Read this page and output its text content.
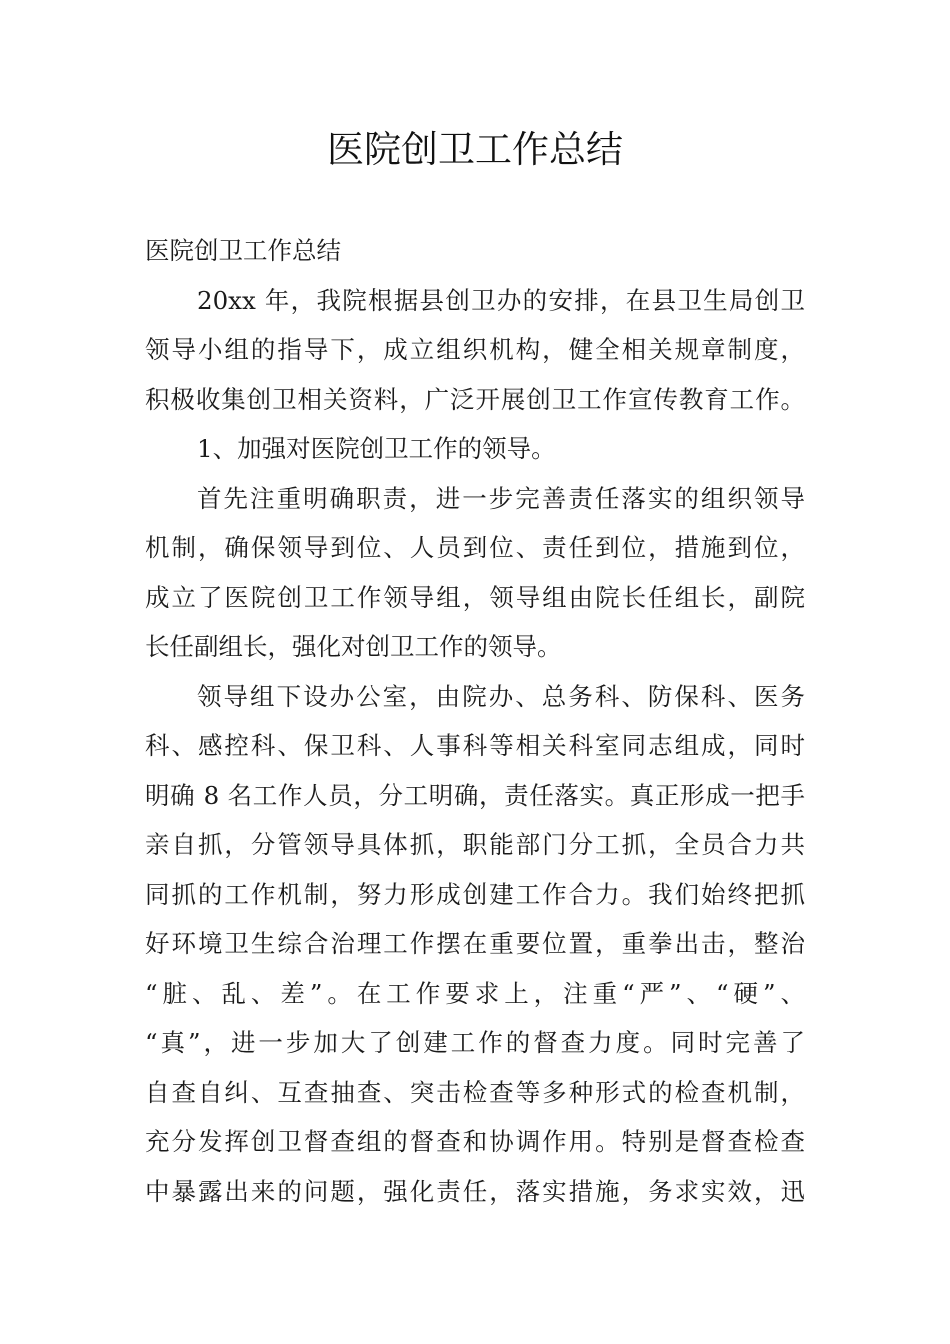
医院创卫工作总结
医院创卫工作总结
20xx 年，我院根据县创卫办的安排，在县卫生局创卫
领导小组的指导下，成立组织机构，健全相关规章制度，
积极收集创卫相关资料，广泛开展创卫工作宣传教育工作。
1、加强对医院创卫工作的领导。
首先注重明确职责，进一步完善责任落实的组织领导
机制，确保领导到位、人员到位、责任到位，措施到位，
成立了医院创卫工作领导组，领导组由院长任组长，副院
长任副组长，强化对创卫工作的领导。
领导组下设办公室，由院办、总务科、防保科、医务
科、感控科、保卫科、人事科等相关科室同志组成，同时
明确 8 名工作人员，分工明确，责任落实。真正形成一把手
亲自抓，分管领导具体抓，职能部门分工抓，全员合力共
同抓的工作机制，努力形成创建工作合力。我们始终把抓
好环境卫生综合治理工作摆在重要位置，重拳出击，整治
“脏、乱、差”。在工作要求上，注重“严”、“硬”、
“真”，进一步加大了创建工作的督查力度。同时完善了
自查自纠、互查抽查、突击检查等多种形式的检查机制，
充分发挥创卫督查组的督查和协调作用。特别是督查检查
中暴露出来的问题，强化责任，落实措施，务求实效，迅
